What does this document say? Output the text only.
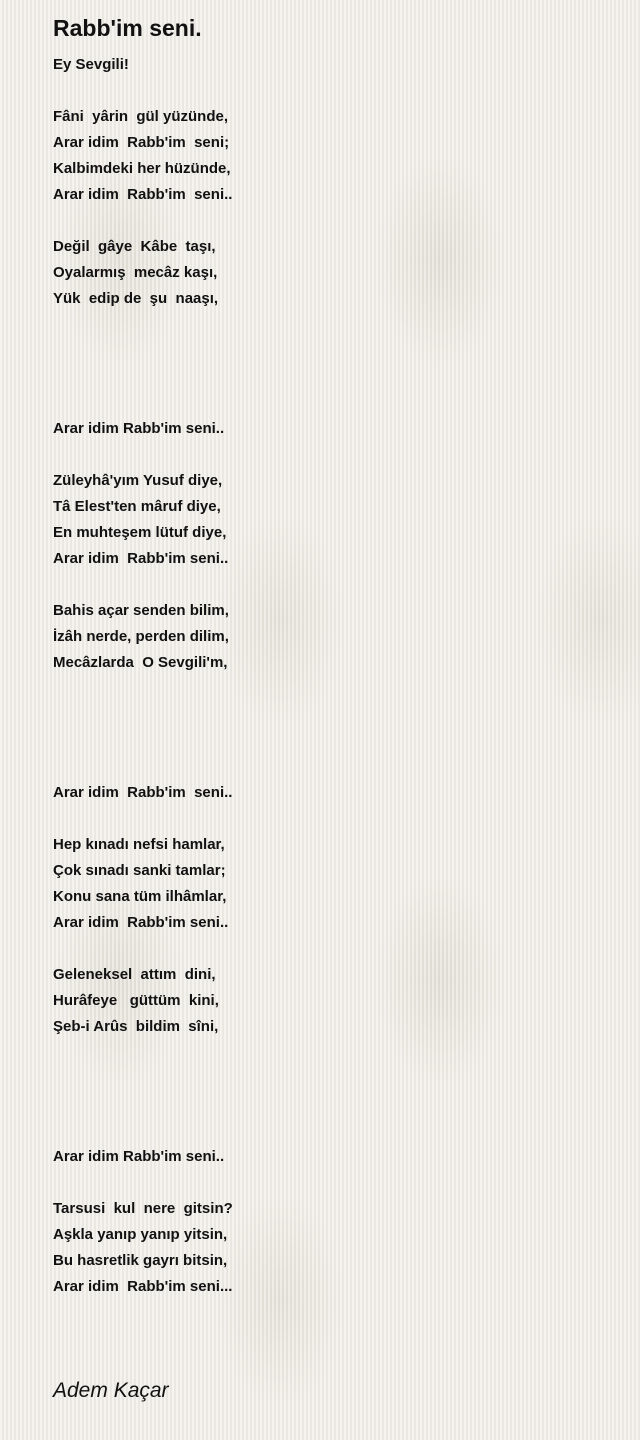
Rabb'im seni.
Ey Sevgili!
Fâni  yârin  gül yüzünde,
Arar idim  Rabb'im  seni;
Kalbimdeki her hüzünde,
Arar idim  Rabb'im  seni..
Değil  gâye  Kâbe  taşı,
Oyalarmış  mecâz kaşı,
Yük  edip de  şu  naaşı,
Arar idim Rabb'im seni..
Züleyhâ'yım Yusuf diye,
Tâ Elest'ten mâruf diye,
En muhteşem lütuf diye,
Arar idim  Rabb'im seni..
Bahis açar senden bilim,
İzâh nerde, perden dilim,
Mecâzlarda  O Sevgili'm,
Arar idim  Rabb'im  seni..
Hep kınadı nefsi hamlar,
Çok sınadı sanki tamlar;
Konu sana tüm ilhâmlar,
Arar idim  Rabb'im seni..
Geleneksel  attım  dini,
Hurâfeye   güttüm  kini,
Şeb-i Arûs  bildim  sîni,
Arar idim Rabb'im seni..
Tarsusi  kul  nere  gitsin?
Aşkla yanıp yanıp yitsin,
Bu hasretlik gayrı bitsin,
Arar idim  Rabb'im seni...
Adem Kaçar
